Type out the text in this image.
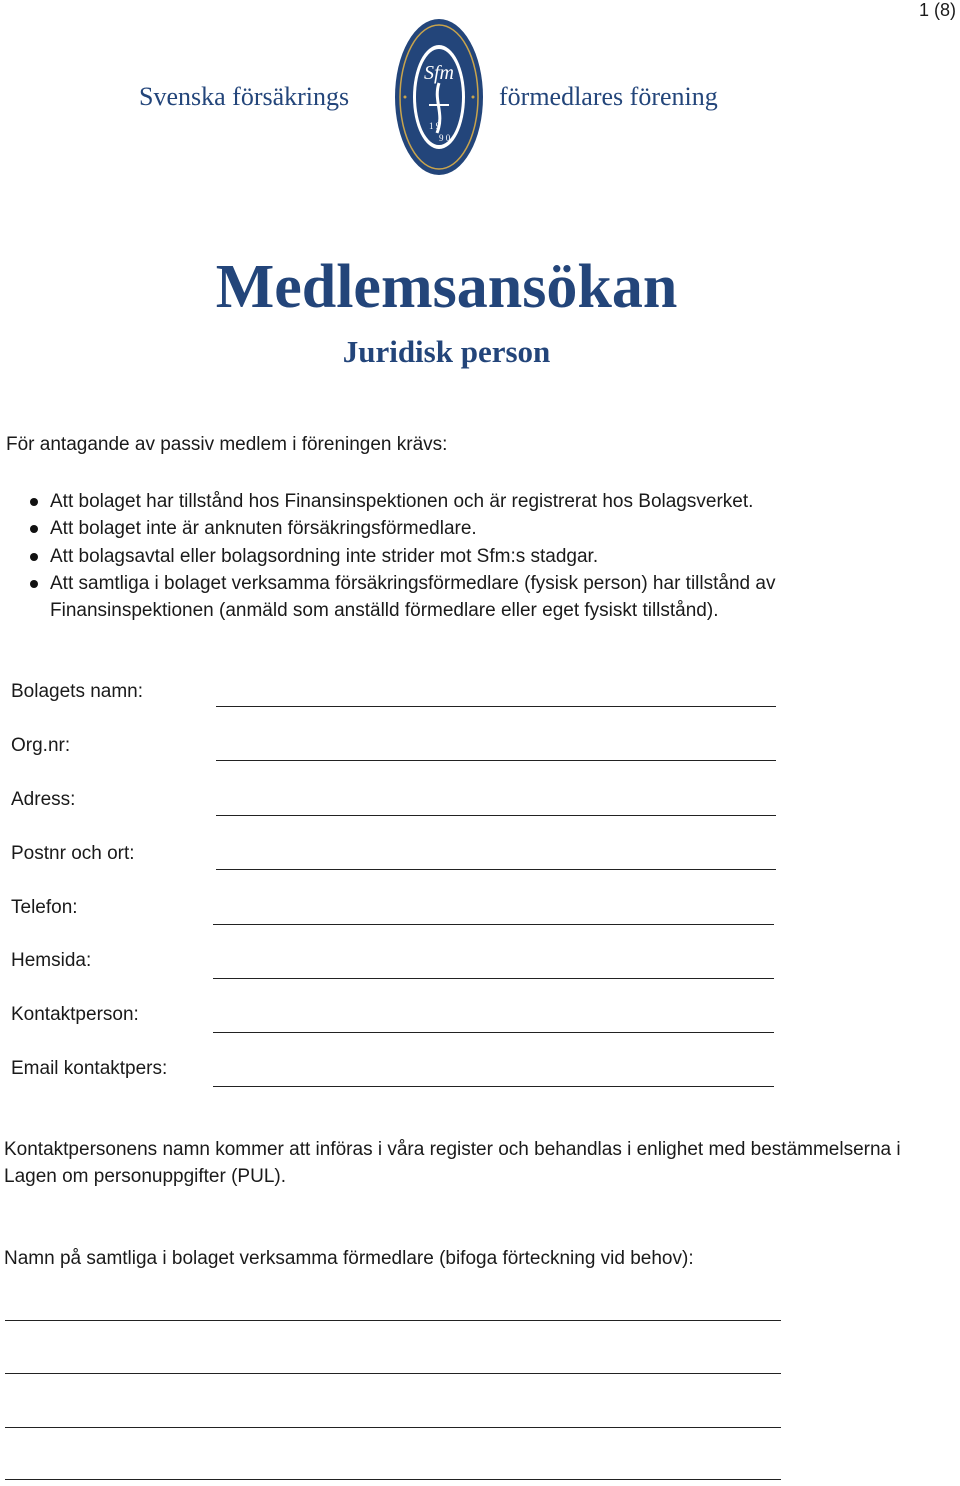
1 (8)
Svenska försäkrings
Sfm
1 9
9 0
förmedlares förening
Medlemsansökan
Juridisk person
För antagande av passiv medlem i föreningen krävs:
Att bolaget har tillstånd hos Finansinspektionen och är registrerat hos Bolagsverket.
Att bolaget inte är anknuten försäkringsförmedlare.
Att bolagsavtal eller bolagsordning inte strider mot Sfm:s stadgar.
Att samtliga i bolaget verksamma försäkringsförmedlare (fysisk person) har tillstånd av Finansinspektionen (anmäld som anställd förmedlare eller eget fysiskt tillstånd).
Bolagets namn:
Org.nr:
Adress:
Postnr och ort:
Telefon:
Hemsida:
Kontaktperson:
Email kontaktpers:
Kontaktpersonens namn kommer att införas i våra register och behandlas i enlighet med bestämmelserna i Lagen om personuppgifter (PUL).
Namn på samtliga i bolaget verksamma förmedlare (bifoga förteckning vid behov):
